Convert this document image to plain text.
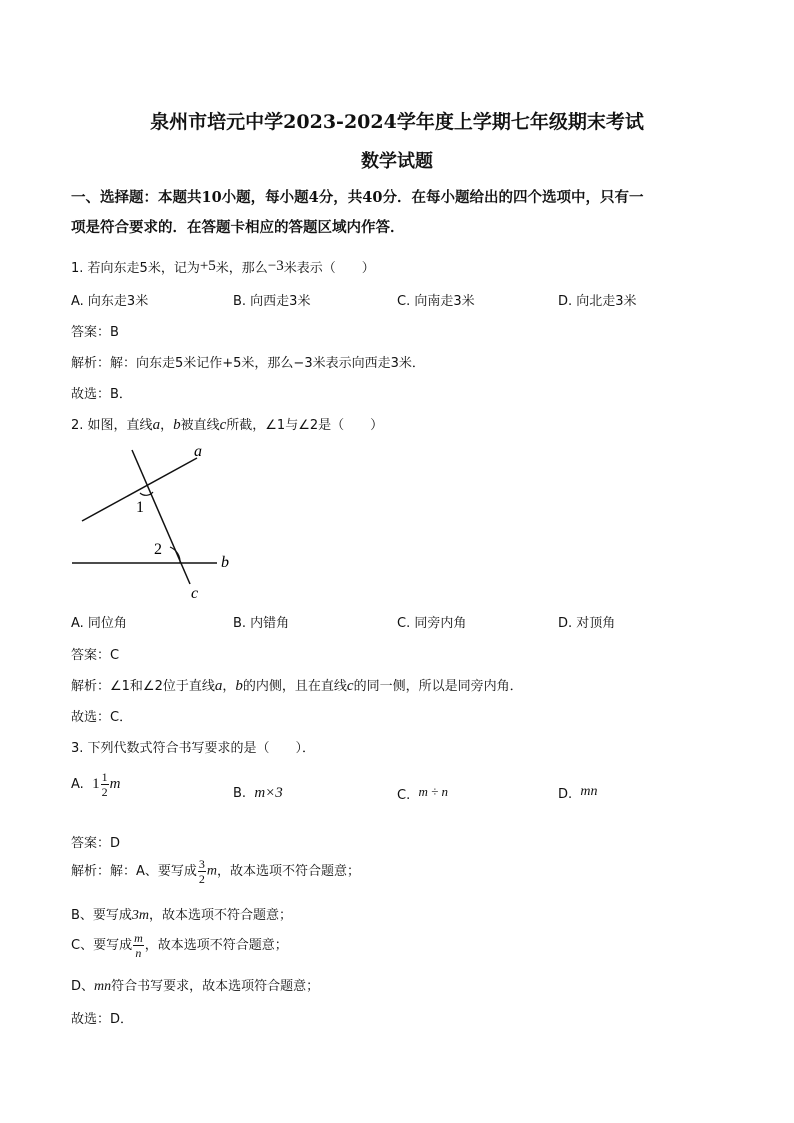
泉州市培元中学2023-2024学年度上学期七年级期末考试
数学试题
一、选择题：本题共10小题，每小题4分，共40分．在每小题给出的四个选项中，只有一
项是符合要求的．在答题卡相应的答题区域内作答．
1. 若向东走5米，记为+5米，那么−3米表示（　　）
A. 向东走3米	B. 向西走3米	C. 向南走3米	D. 向北走3米
答案：B
解析：解：向东走5米记作+5米，那么−3米表示向西走3米．
故选：B．
2. 如图，直线a，b被直线c所截，∠1与∠2是（　　）
1
2
a
b
c
A. 同位角	B. 内错角	C. 同旁内角	D. 对顶角
答案：C
解析：∠1和∠2位于直线a，b的内侧，且在直线c的同一侧，所以是同旁内角．
故选：C．
3. 下列代数式符合书写要求的是（　　）．
A. $1 \frac{1}{2}$ m
B. m×3	C. m ÷ n	D. mn
答案：D
解析：解：A、要写成 $\frac{3}{2}$ m，故本选项不符合题意；
B、要写成3m，故本选项不符合题意；
C、要写成 $\frac{m}{n}$ ，故本选项不符合题意；
D、mn符合书写要求，故本选项符合题意；
故选：D．
